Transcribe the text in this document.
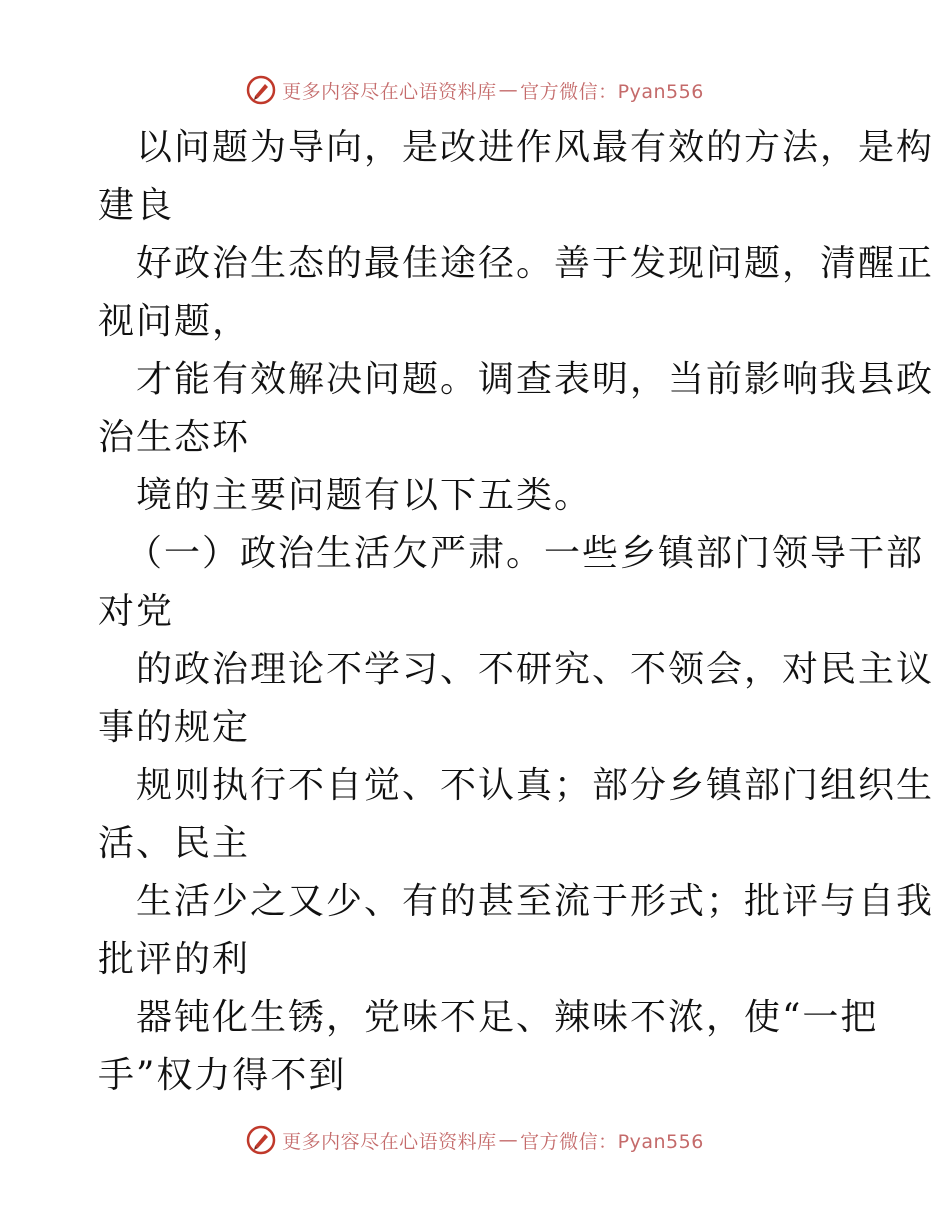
更多内容尽在心语资料库 — 官方微信：Pyan556
以问题为导向，是改进作风最有效的方法，是构
建良
好政治生态的最佳途径。善于发现问题，清醒正
视问题，
才能有效解决问题。调查表明，当前影响我县政
治生态环
境的主要问题有以下五类。
（一）政治生活欠严肃。一些乡镇部门领导干部
对党
的政治理论不学习、不研究、不领会，对民主议
事的规定
规则执行不自觉、不认真；部分乡镇部门组织生
活、民主
生活少之又少、有的甚至流于形式；批评与自我
批评的利
器钝化生锈，党味不足、辣味不浓，使“一把
手”权力得不到
更多内容尽在心语资料库 — 官方微信：Pyan556
